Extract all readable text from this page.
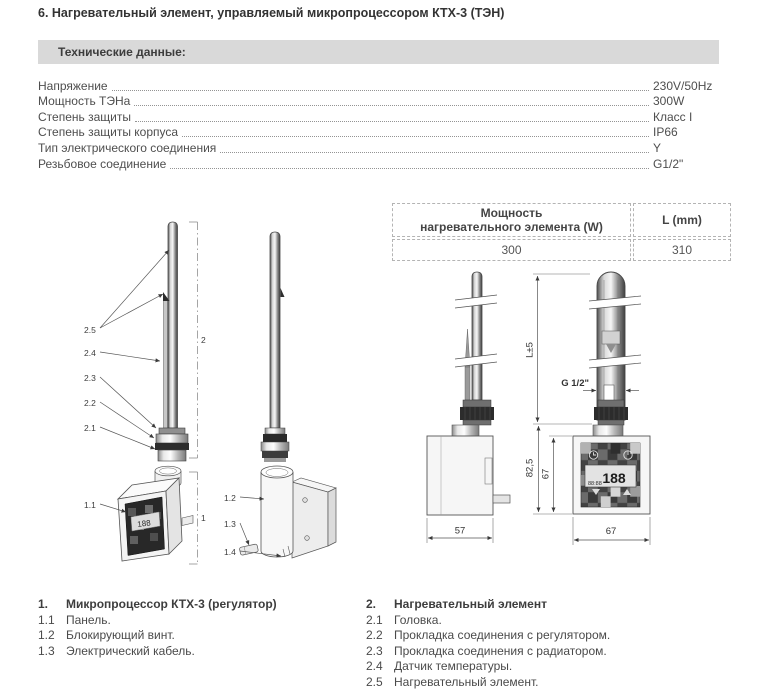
6. Нагревательный элемент, управляемый микропроцессором КТХ-3 (ТЭН)
Технические данные:
Напряжение	230V/50Hz
Мощность ТЭНа	300W
Степень защиты	Класс I
Степень защиты корпуса	IP66
Тип электрического соединения	Y
Резьбовое соединение	G1/2"
Мощность
нагревательного элемента (W)	L (mm)
300	310
188
2.5
2.4
2.3
2.2
2.1
1.1
2
1
1.2
1.3
1.4
57
188
88:88
G 1/2"
L±5
82,5 67
67
1.	Микропроцессор КТХ-3 (регулятор)
1.1 Панель.
1.2 Блокирующий винт.
1.3 Электрический кабель.
2.	Нагревательный элемент
2.1 Головка.
2.2 Прокладка соединения с регулятором.
2.3 Прокладка соединения с радиатором.
2.4 Датчик температуры.
2.5 Нагревательный элемент.
